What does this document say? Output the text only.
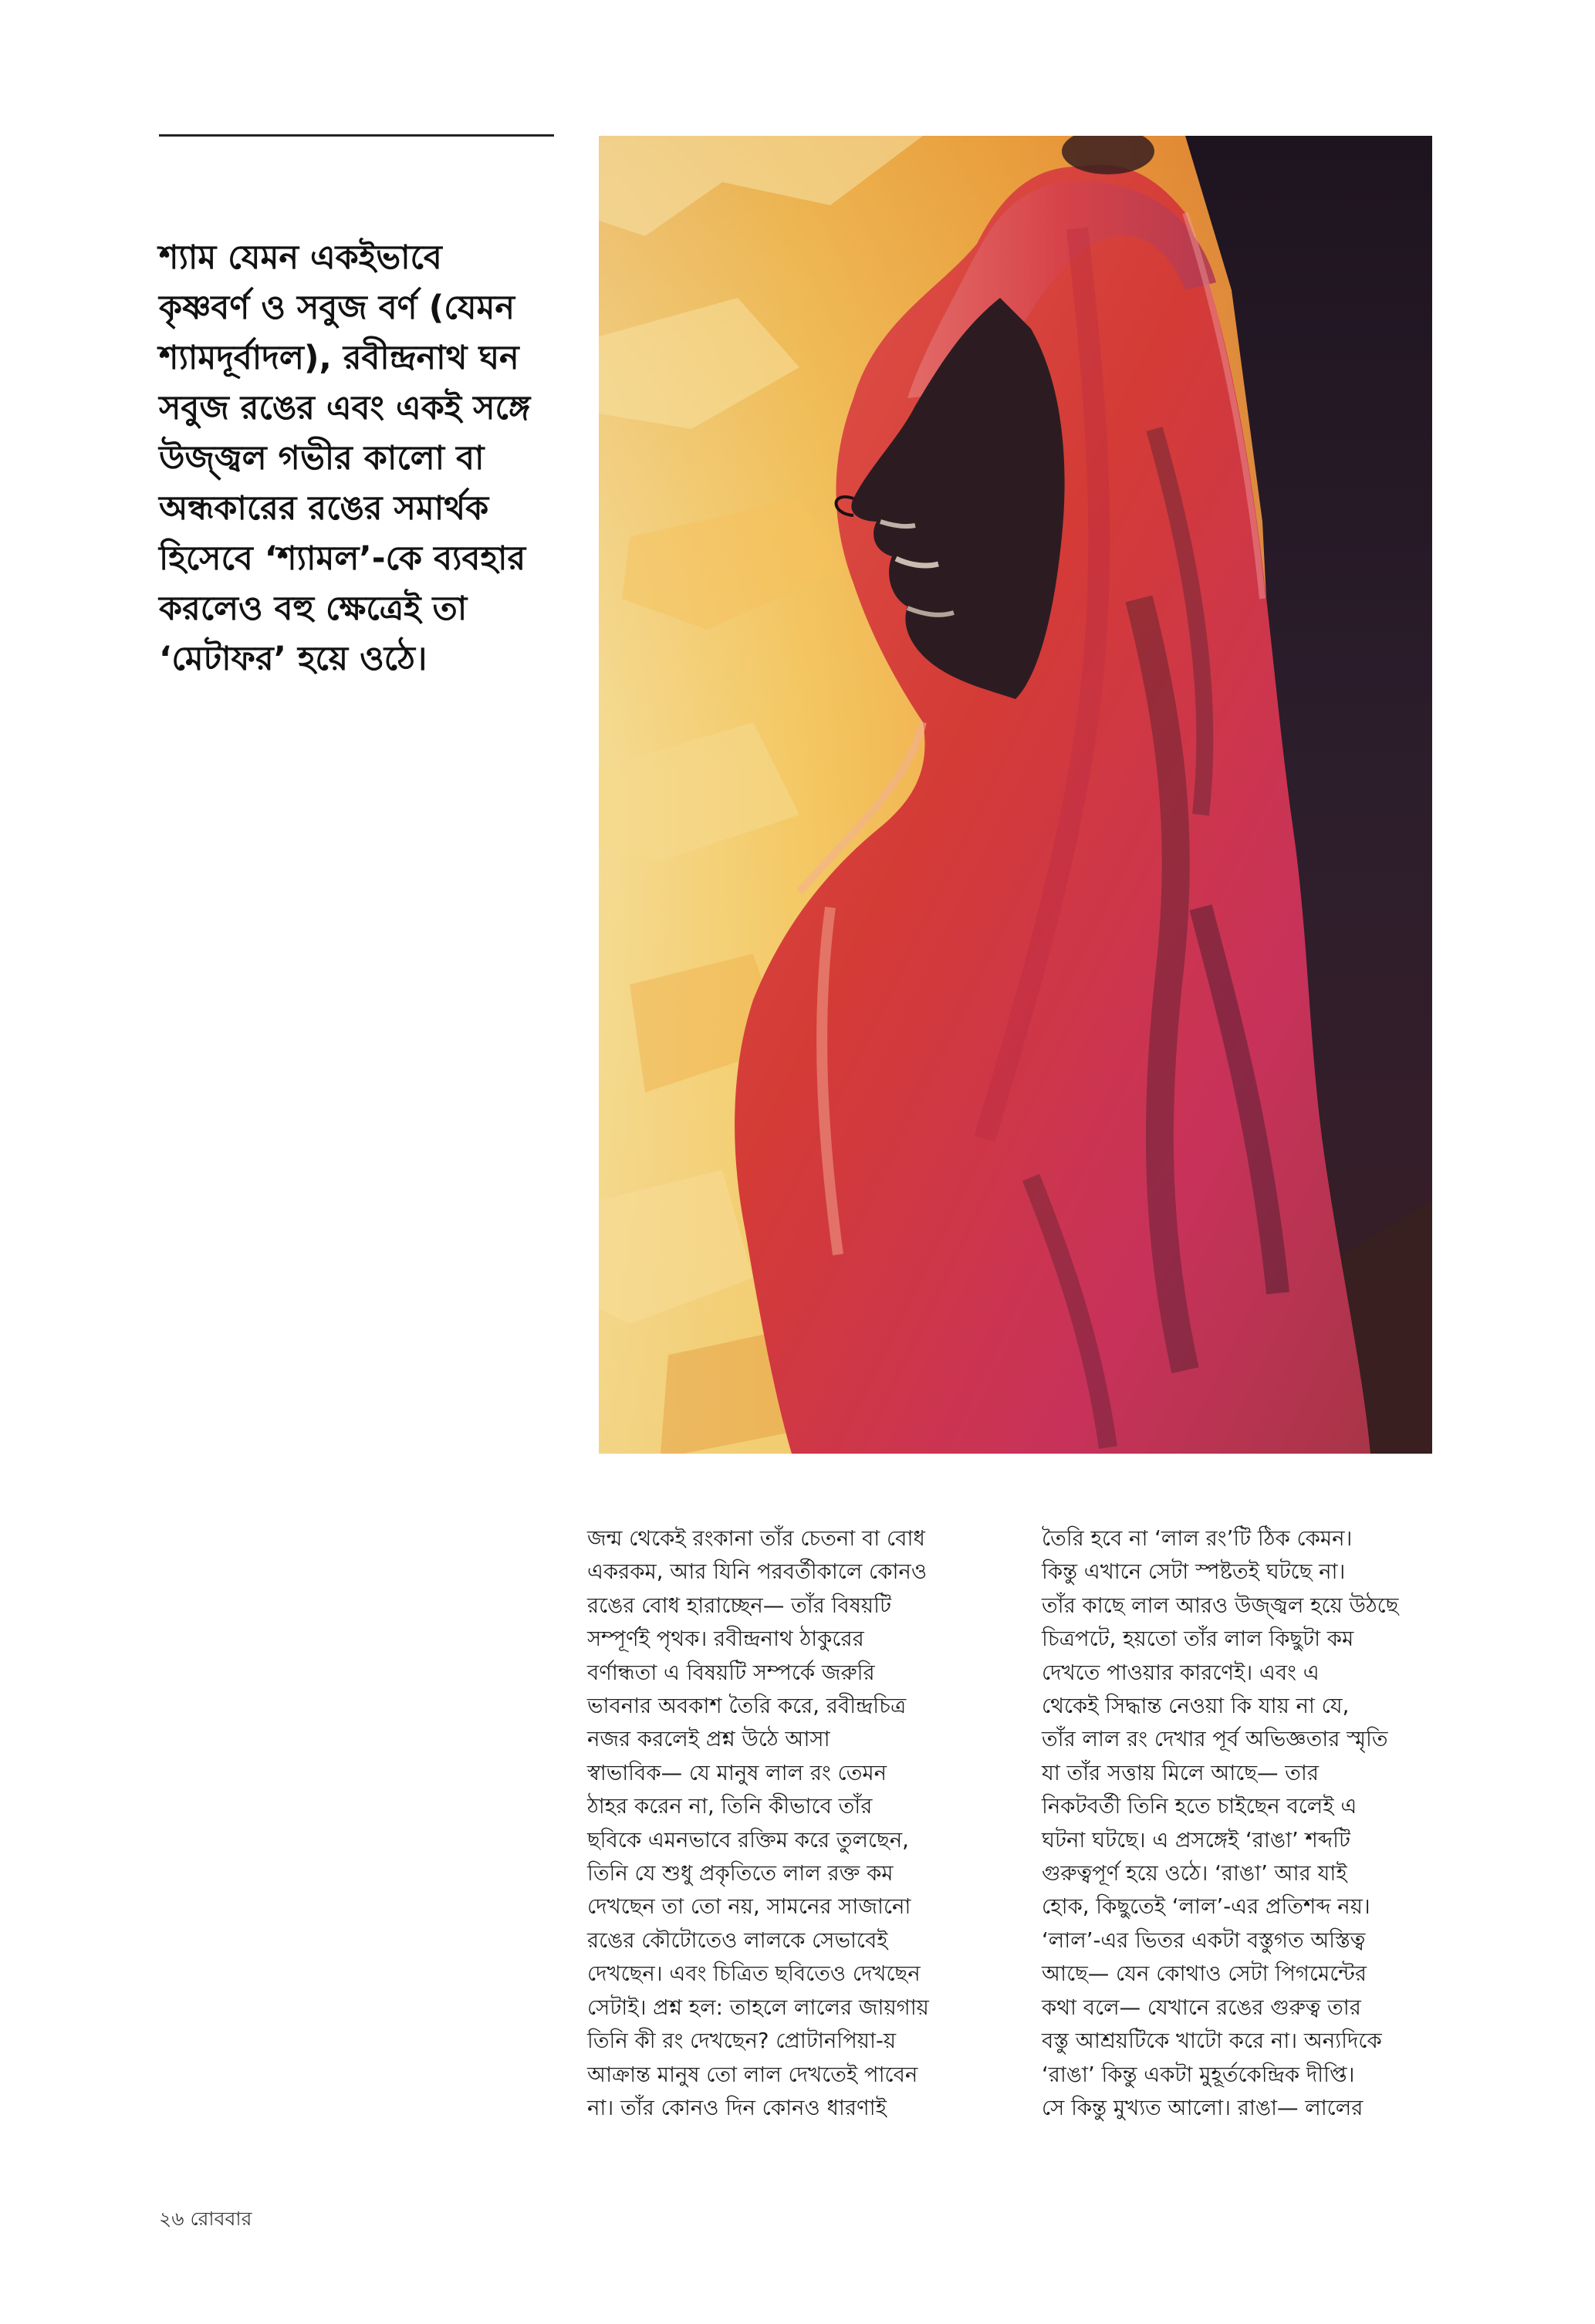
শ্যাম যেমন একইভাবে
কৃষ্ণবর্ণ ও সবুজ বর্ণ (যেমন
শ্যামদূর্বাদল), রবীন্দ্রনাথ ঘন
সবুজ রঙের এবং একই সঙ্গে
উজ্জ্বল গভীর কালো বা
অন্ধকারের রঙের সমার্থক
হিসেবে ‘শ্যামল’-কে ব্যবহার
করলেও বহু ক্ষেত্রেই তা
‘মেটাফর’ হয়ে ওঠে।
জন্ম থেকেই রংকানা তাঁর চেতনা বা বোধ
একরকম, আর যিনি পরবর্তীকালে কোনও
রঙের বোধ হারাচ্ছেন— তাঁর বিষয়টি
সম্পূর্ণই পৃথক। রবীন্দ্রনাথ ঠাকুরের
বর্ণান্ধতা এ বিষয়টি সম্পর্কে জরুরি
ভাবনার অবকাশ তৈরি করে, রবীন্দ্রচিত্র
নজর করলেই প্রশ্ন উঠে আসা
স্বাভাবিক— যে মানুষ লাল রং তেমন
ঠাহর করেন না, তিনি কীভাবে তাঁর
ছবিকে এমনভাবে রক্তিম করে তুলছেন,
তিনি যে শুধু প্রকৃতিতে লাল রক্ত কম
দেখছেন তা তো নয়, সামনের সাজানো
রঙের কৌটোতেও লালকে সেভাবেই
দেখছেন। এবং চিত্রিত ছবিতেও দেখছেন
সেটাই। প্রশ্ন হল: তাহলে লালের জায়গায়
তিনি কী রং দেখছেন? প্রোটানপিয়া-য়
আক্রান্ত মানুষ তো লাল দেখতেই পাবেন
না। তাঁর কোনও দিন কোনও ধারণাই
তৈরি হবে না ‘লাল রং’টি ঠিক কেমন।
কিন্তু এখানে সেটা স্পষ্টতই ঘটছে না।
তাঁর কাছে লাল আরও উজ্জ্বল হয়ে উঠছে
চিত্রপটে, হয়তো তাঁর লাল কিছুটা কম
দেখতে পাওয়ার কারণেই। এবং এ
থেকেই সিদ্ধান্ত নেওয়া কি যায় না যে,
তাঁর লাল রং দেখার পূর্ব অভিজ্ঞতার স্মৃতি
যা তাঁর সত্তায় মিলে আছে— তার
নিকটবর্তী তিনি হতে চাইছেন বলেই এ
ঘটনা ঘটছে। এ প্রসঙ্গেই ‘রাঙা’ শব্দটি
গুরুত্বপূর্ণ হয়ে ওঠে। ‘রাঙা’ আর যাই
হোক, কিছুতেই ‘লাল’-এর প্রতিশব্দ নয়।
‘লাল’-এর ভিতর একটা বস্তুগত অস্তিত্ব
আছে— যেন কোথাও সেটা পিগমেন্টের
কথা বলে— যেখানে রঙের গুরুত্ব তার
বস্তু আশ্রয়টিকে খাটো করে না। অন্যদিকে
‘রাঙা’ কিন্তু একটা মুহূর্তকেন্দ্রিক দীপ্তি।
সে কিন্তু মুখ্যত আলো। রাঙা— লালের
২৬ রোববার
